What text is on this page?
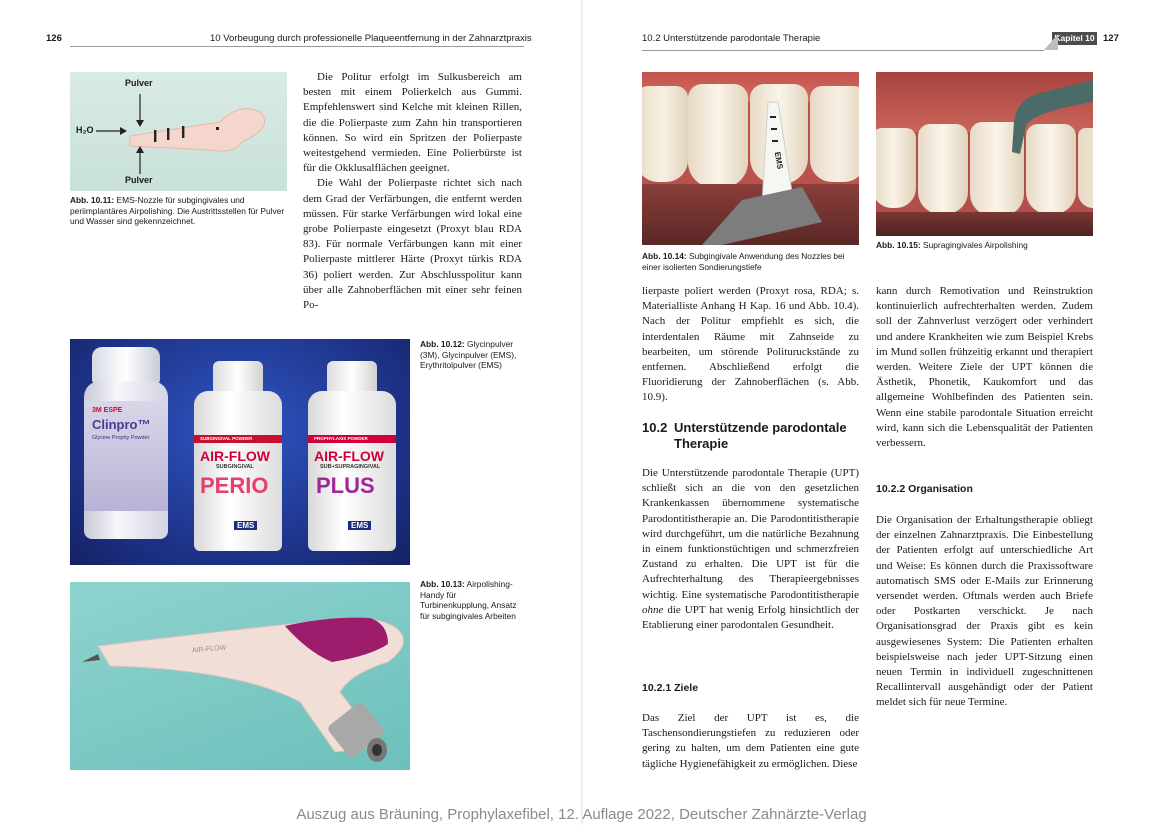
126	10 Vorbeugung durch professionelle Plaqueentfernung in der Zahnarztpraxis
Pulver
H₂O
Pulver
Abb. 10.11: EMS-Nozzle für subgingivales und periimplantäres Airpolishing. Die Austrittsstellen für Pulver und Wasser sind gekennzeichnet.

Die Politur erfolgt im Sulkusbereich am besten mit einem Polierkelch aus Gummi. Empfehlenswert sind Kelche mit kleinen Rillen, die die Polierpaste zum Zahn hin transportieren können. So wird ein Spritzen der Polierpaste weitestgehend vermieden. Eine Polierbürste ist für die Okklusalflächen geeignet.

Die Wahl der Polierpaste richtet sich nach dem Grad der Verfärbungen, die entfernt werden müssen. Für starke Verfärbungen wird lokal eine grobe Polierpaste eingesetzt (Proxyt blau RDA 83). Für normale Verfärbungen kann mit einer Polierpaste mittlerer Härte (Proxyt türkis RDA 36) poliert werden. Zur Abschlusspolitur kann über alle Zahnoberflächen mit einer sehr feinen Po-

3M ESPE
Clinpro™
Glycine Prophy Powder	SUBGINGIVAL POWDER
AIR-FLOW
SUBGINGIVAL
PERIO
EMS
PROPHYLAXIS POWDER
AIR-FLOW
SUB+SUPRAGINGIVAL
PLUS
EMS
Abb. 10.12: Glycinpulver (3M), Glycinpulver (EMS), Erythritolpulver (EMS)
AIR-FLOW
Abb. 10.13: Airpolishing-Handy für Turbinenkupplung, Ansatz für subgingivales Arbeiten
10.2 Unterstützende parodontale Therapie	Kapitel 10 127
EMS
Abb. 10.14: Subgingivale Anwendung des Nozzles bei einer isolierten Sondierungstiefe
Abb. 10.15: Supragingivales Airpolishing

lierpaste poliert werden (Proxyt rosa, RDA; s. Materialliste Anhang H Kap. 16 und Abb. 10.4). Nach der Politur empfiehlt es sich, die interdentalen Räume mit Zahnseide zu bearbeiten, um störende Polituruckstände zu entfernen. Abschließend erfolgt die Fluoridierung der Zahnoberflächen (s. Abb. 10.9).

10.2 Unterstützende parodontale Therapie

Die Unterstützende parodontale Therapie (UPT) schließt sich an die von den gesetzlichen Krankenkassen übernommene systematische Parodontitistherapie an. Die Parodontitistherapie wird durchgeführt, um die natürliche Bezahnung in einem funktionstüchtigen und schmerzfreien Zustand zu erhalten. Die UPT ist für die Aufrechterhaltung des Therapieergebnisses wichtig. Eine systematische Parodontitistherapie ohne die UPT hat wenig Erfolg hinsichtlich der Etablierung einer parodontalen Gesundheit.

10.2.1 Ziele

Das Ziel der UPT ist es, die Taschensondierungstiefen zu reduzieren oder gering zu halten, um dem Patienten eine gute tägliche Hygienefähigkeit zu ermöglichen. Diese

kann durch Remotivation und Reinstruktion kontinuierlich aufrechterhalten werden. Zudem soll der Zahnverlust verzögert oder verhindert und andere Krankheiten wie zum Beispiel Krebs im Mund sollen frühzeitig erkannt und therapiert werden. Weitere Ziele der UPT können die Ästhetik, Phonetik, Kaukomfort und das allgemeine Wohlbefinden des Patienten sein. Wenn eine stabile parodontale Situation erreicht wird, kann sich die Lebensqualität der Patienten verbessern.

10.2.2 Organisation

Die Organisation der Erhaltungstherapie obliegt der einzelnen Zahnarztpraxis. Die Einbestellung der Patienten erfolgt auf unterschiedliche Art und Weise: Es können durch die Praxissoftware automatisch SMS oder E-Mails zur Erinnerung versendet werden. Oftmals werden auch Briefe oder Postkarten verschickt. Je nach Organisationsgrad der Praxis gibt es kein ausgewiesenes System: Die Patienten erhalten beispielsweise nach jeder UPT-Sitzung einen neuen Termin in individuell zugeschnittenen Recallintervall ausgehändigt oder der Patient meldet sich für neue Termine.

Auszug aus Bräuning, Prophylaxefibel, 12. Auflage 2022, Deutscher Zahnärzte-Verlag
